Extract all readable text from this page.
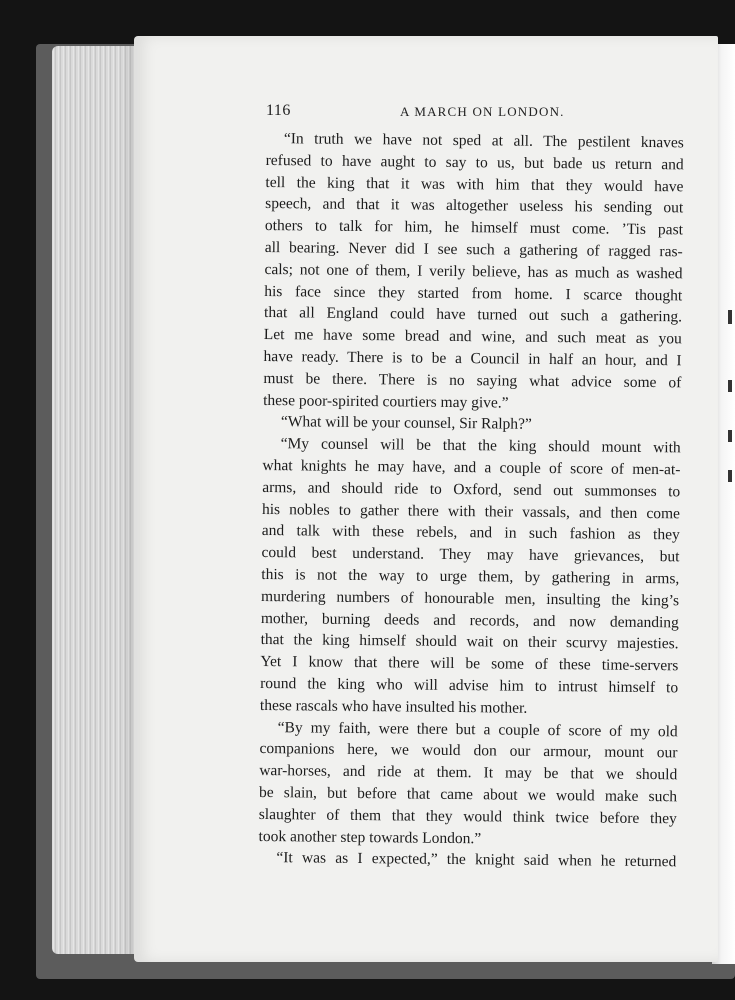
116	A MARCH ON LONDON.
“In truth we have not sped at all. The pestilent knaves
refused to have aught to say to us, but bade us return and
tell the king that it was with him that they would have
speech, and that it was altogether useless his sending out
others to talk for him, he himself must come. ’Tis past
all bearing. Never did I see such a gathering of ragged ras-
cals; not one of them, I verily believe, has as much as washed
his face since they started from home. I scarce thought
that all England could have turned out such a gathering.
Let me have some bread and wine, and such meat as you
have ready. There is to be a Council in half an hour, and I
must be there. There is no saying what advice some of
these poor-spirited courtiers may give.”
“What will be your counsel, Sir Ralph?”
“My counsel will be that the king should mount with
what knights he may have, and a couple of score of men-at-
arms, and should ride to Oxford, send out summonses to
his nobles to gather there with their vassals, and then come
and talk with these rebels, and in such fashion as they
could best understand. They may have grievances, but
this is not the way to urge them, by gathering in arms,
murdering numbers of honourable men, insulting the king’s
mother, burning deeds and records, and now demanding
that the king himself should wait on their scurvy majesties.
Yet I know that there will be some of these time-servers
round the king who will advise him to intrust himself to
these rascals who have insulted his mother.
“By my faith, were there but a couple of score of my old
companions here, we would don our armour, mount our
war-horses, and ride at them. It may be that we should
be slain, but before that came about we would make such
slaughter of them that they would think twice before they
took another step towards London.”
“It was as I expected,” the knight said when he returned
